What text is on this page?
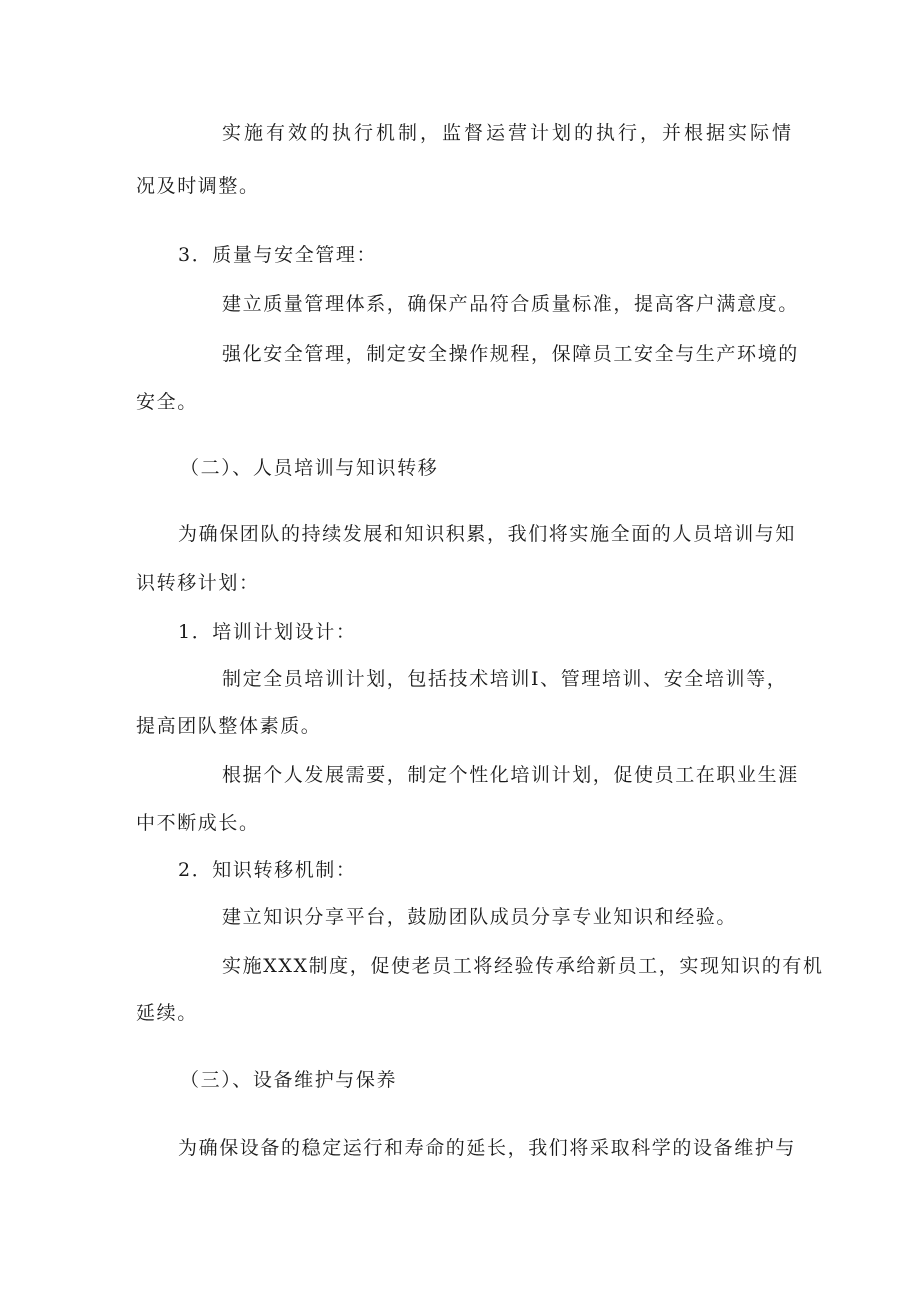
实施有效的执行机制，监督运营计划的执行，并根据实际情
况及时调整。
3．质量与安全管理：
建立质量管理体系，确保产品符合质量标准，提高客户满意度。
强化安全管理，制定安全操作规程，保障员工安全与生产环境的
安全。
（二）、人员培训与知识转移
为确保团队的持续发展和知识积累，我们将实施全面的人员培训与知
识转移计划：
1．培训计划设计：
制定全员培训计划，包括技术培训I、管理培训、安全培训等，
提高团队整体素质。
根据个人发展需要，制定个性化培训计划，促使员工在职业生涯
中不断成长。
2．知识转移机制：
建立知识分享平台，鼓励团队成员分享专业知识和经验。
实施XXX制度，促使老员工将经验传承给新员工，实现知识的有机
延续。
（三）、设备维护与保养
为确保设备的稳定运行和寿命的延长，我们将采取科学的设备维护与
